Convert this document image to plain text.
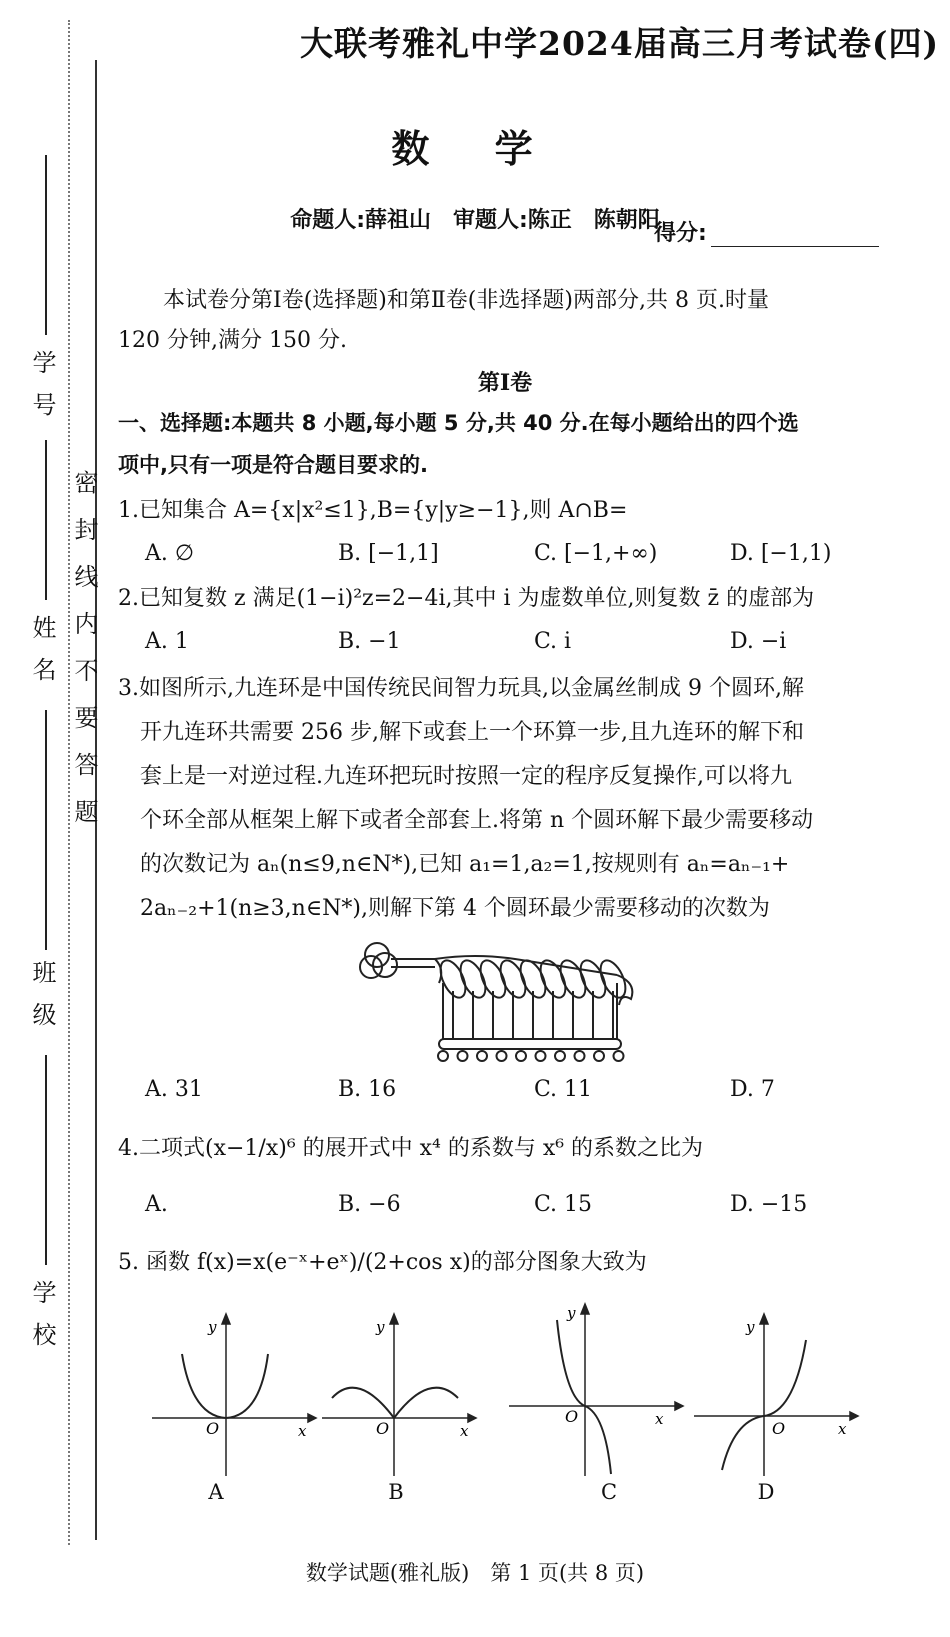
学号
姓名
班级
学校
密封线内不要答题
大联考雅礼中学2024届高三月考试卷(四)
数 学
命题人:薛祖山　审题人:陈正　陈朝阳
得分:
本试卷分第Ⅰ卷(选择题)和第Ⅱ卷(非选择题)两部分,共 8 页.时量
120 分钟,满分 150 分.
第Ⅰ卷
一、选择题:本题共 8 小题,每小题 5 分,共 40 分.在每小题给出的四个选
项中,只有一项是符合题目要求的.
1.已知集合 A={x|x²≤1},B={y|y≥−1},则 A∩B=
A. ∅	B. [−1,1]	C. [−1,+∞)	D. [−1,1)
2.已知复数 z 满足(1−i)²z=2−4i,其中 i 为虚数单位,则复数 z̄ 的虚部为
A. 1	B. −1	C. i	D. −i
3.如图所示,九连环是中国传统民间智力玩具,以金属丝制成 9 个圆环,解
开九连环共需要 256 步,解下或套上一个环算一步,且九连环的解下和
套上是一对逆过程.九连环把玩时按照一定的程序反复操作,可以将九
个环全部从框架上解下或者全部套上.将第 n 个圆环解下最少需要移动
的次数记为 aₙ(n≤9,n∈N*),已知 a₁=1,a₂=1,按规则有 aₙ=aₙ₋₁+
2aₙ₋₂+1(n≥3,n∈N*),则解下第 4 个圆环最少需要移动的次数为
A. 31	B. 16	C. 11	D. 7
4.二项式(x−1/x)⁶ 的展开式中 x⁴ 的系数与 x⁶ 的系数之比为
A.	B. −6	C. 15	D. −15
5. 函数 f(x)=x(e⁻ˣ+eˣ)/(2+cos x)的部分图象大致为
O
y
x
A
O
y
x
B
O
y
x
C
O
y
x
D
数学试题(雅礼版)　第 1 页(共 8 页)
